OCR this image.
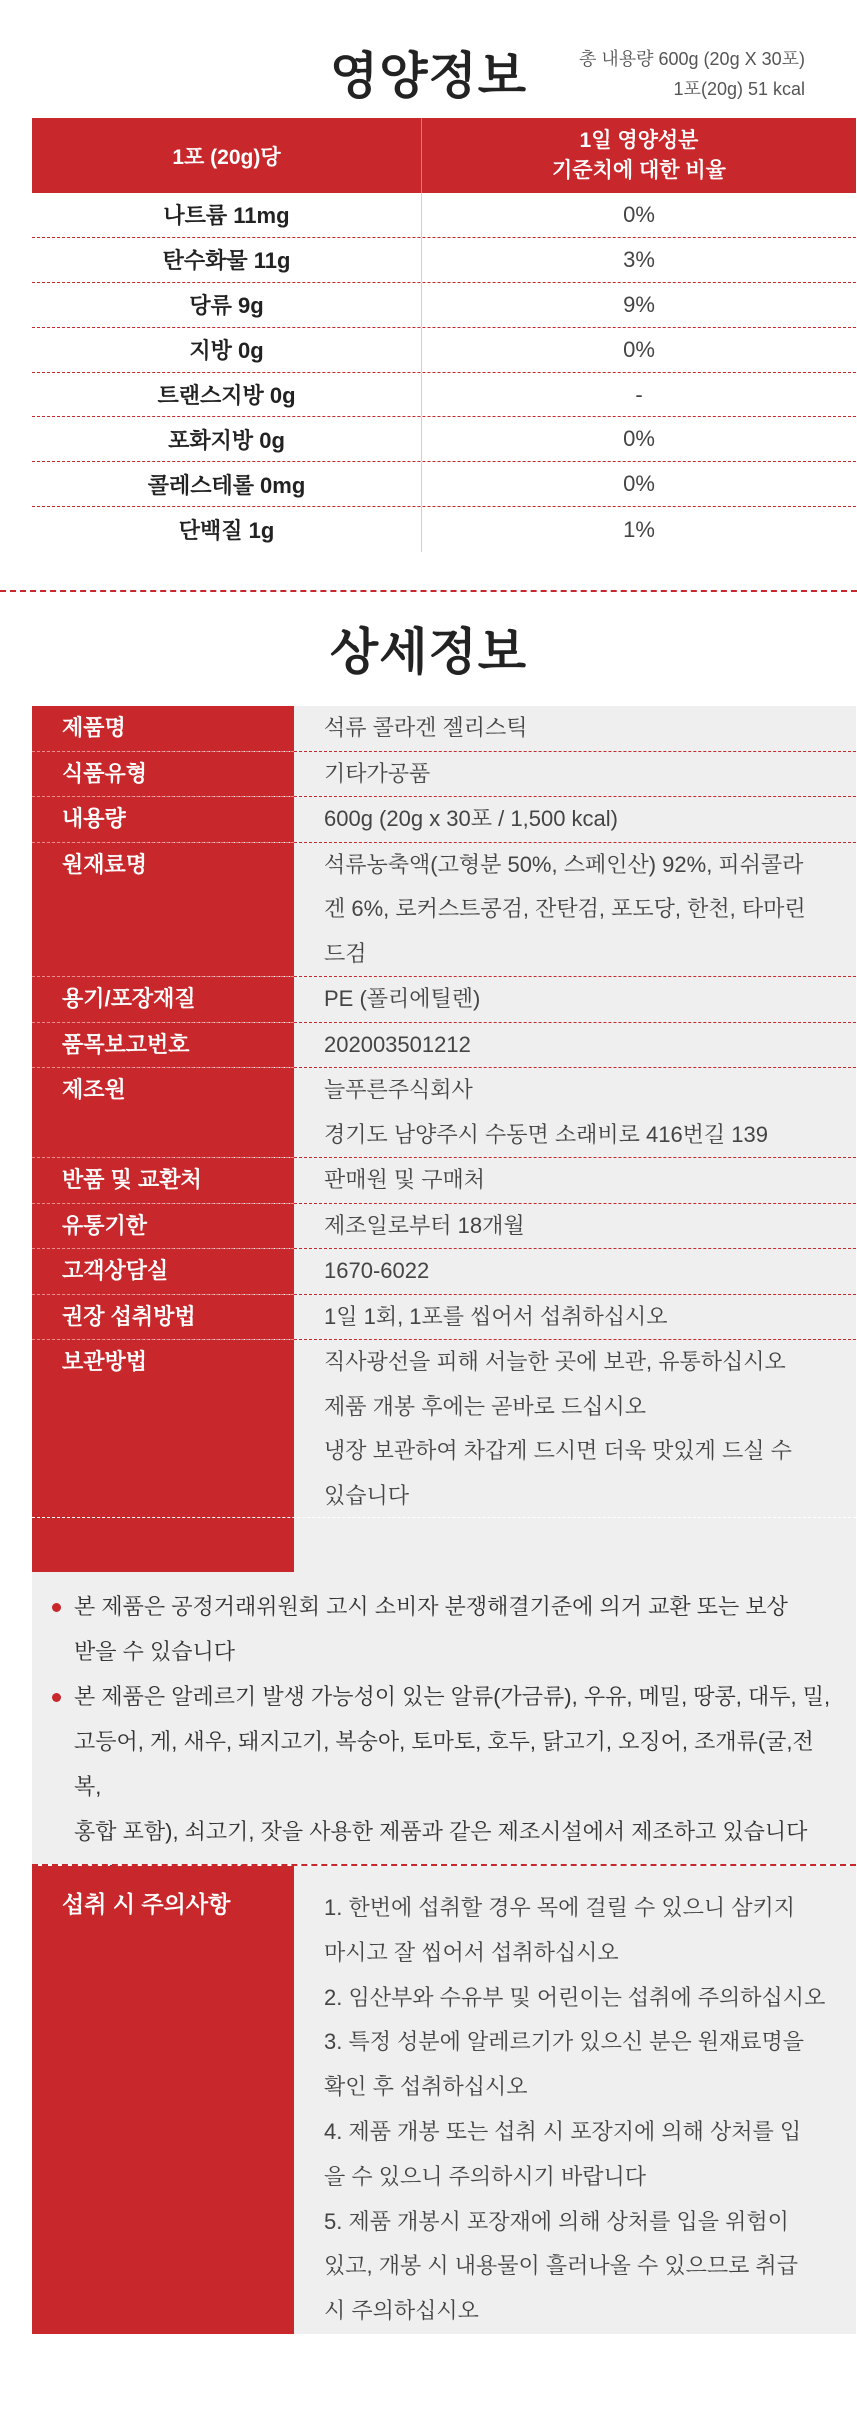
영양정보	총 내용량 600g (20g X 30포)
1포(20g) 51 kcal
1포 (20g)당
1일 영양성분
기준치에 대한 비율
나트륨 11mg	0%
탄수화물 11g	3%
당류 9g	9%
지방 0g	0%
트랜스지방 0g	-
포화지방 0g	0%
콜레스테롤 0mg	0%
단백질 1g	1%
상세정보
제품명	석류 콜라겐 젤리스틱
식품유형	기타가공품
내용량	600g (20g x 30포 / 1,500 kcal)
원재료명	석류농축액(고형분 50%, 스페인산) 92%, 피쉬콜라
겐 6%, 로커스트콩검, 잔탄검, 포도당, 한천, 타마린
드검
용기/포장재질	PE (폴리에틸렌)
품목보고번호	202003501212
제조원	늘푸른주식회사
경기도 남양주시 수동면 소래비로 416번길 139
반품 및 교환처	판매원 및 구매처
유통기한	제조일로부터 18개월
고객상담실	1670-6022
권장 섭취방법	1일 1회, 1포를 씹어서 섭취하십시오
보관방법	직사광선을 피해 서늘한 곳에 보관, 유통하십시오
제품 개봉 후에는 곧바로 드십시오
냉장 보관하여 차갑게 드시면 더욱 맛있게 드실 수
있습니다
본 제품은 공정거래위원회 고시 소비자 분쟁해결기준에 의거 교환 또는 보상
받을 수 있습니다
본 제품은 알레르기 발생 가능성이 있는 알류(가금류), 우유, 메밀, 땅콩, 대두, 밀,
고등어, 게, 새우, 돼지고기, 복숭아, 토마토, 호두, 닭고기, 오징어, 조개류(굴,전복,
홍합 포함), 쇠고기, 잣을 사용한 제품과 같은 제조시설에서 제조하고 있습니다
섭취 시 주의사항	1. 한번에 섭취할 경우 목에 걸릴 수 있으니 삼키지
마시고 잘 씹어서 섭취하십시오
2. 임산부와 수유부 및 어린이는 섭취에 주의하십시오
3. 특정 성분에 알레르기가 있으신 분은 원재료명을
확인 후 섭취하십시오
4. 제품 개봉 또는 섭취 시 포장지에 의해 상처를 입
을 수 있으니 주의하시기 바랍니다
5. 제품 개봉시 포장재에 의해 상처를 입을 위험이
있고, 개봉 시 내용물이 흘러나올 수 있으므로 취급
시 주의하십시오
